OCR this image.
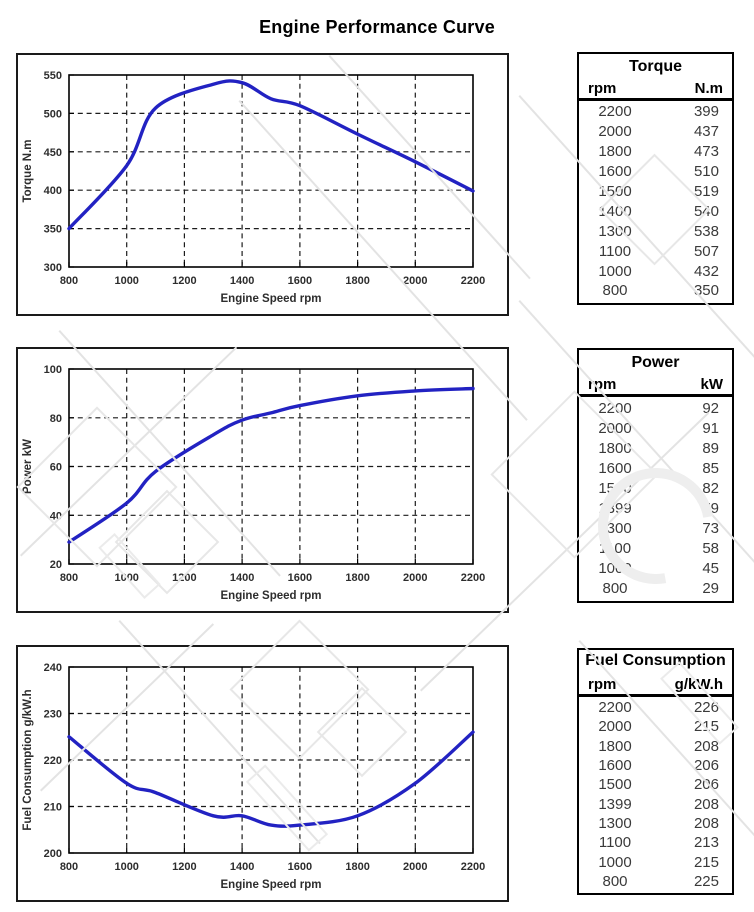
Engine Performance Curve
800	1000	1200	1400	1600	1800	2000	2200
300
350
400
450
500
550
Engine Speed rpm
Torque N.m
800	1000	1200	1400	1600	1800	2000	2200
20
40
60
80
100
Engine Speed rpm
Power kW
800	1000	1200	1400	1600	1800	2000	2200
200
210
220
230
240
Engine Speed rpm
Fuel Consumption g/kW.h
Torque
rpm	N.m
2200	399
2000	437
1800	473
1600	510
1500	519
1400	540
1300	538
1100	507
1000	432
800	350
Power
rpm	kW
2200	92
2000	91
1800	89
1600	85
1500	82
1399	79
1300	73
1100	58
1000	45
800	29
Fuel Consumption
rpm	g/kW.h
2200	226
2000	215
1800	208
1600	206
1500	206
1399	208
1300	208
1100	213
1000	215
800	225
